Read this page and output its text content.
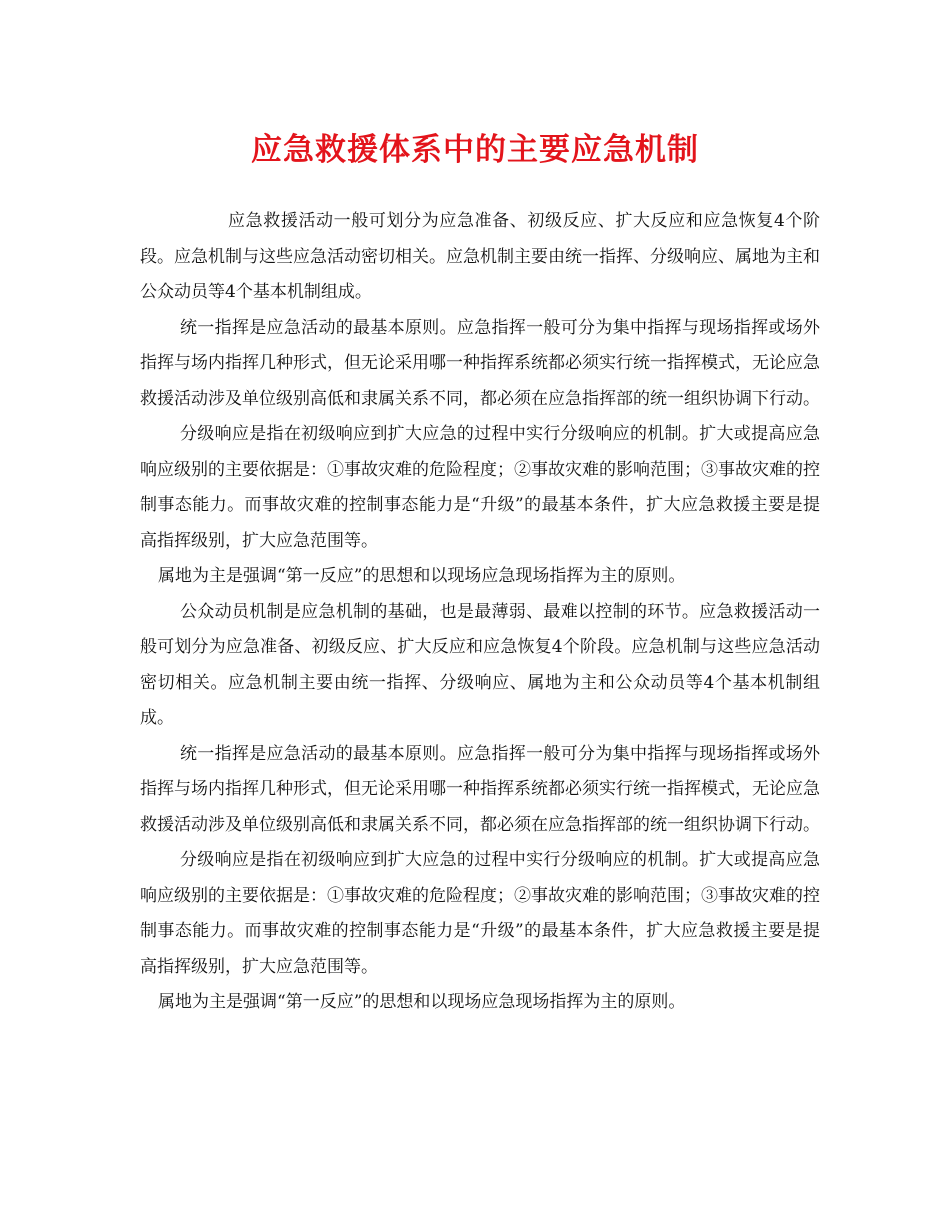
应急救援体系中的主要应急机制

应急救援活动一般可划分为应急准备、初级反应、扩大反应和应急恢复4个阶段。应急机制与这些应急活动密切相关。应急机制主要由统一指挥、分级响应、属地为主和公众动员等4个基本机制组成。

统一指挥是应急活动的最基本原则。应急指挥一般可分为集中指挥与现场指挥或场外指挥与场内指挥几种形式，但无论采用哪一种指挥系统都必须实行统一指挥模式，无论应急救援活动涉及单位级别高低和隶属关系不同，都必须在应急指挥部的统一组织协调下行动。

分级响应是指在初级响应到扩大应急的过程中实行分级响应的机制。扩大或提高应急响应级别的主要依据是：①事故灾难的危险程度；②事故灾难的影响范围；③事故灾难的控制事态能力。而事故灾难的控制事态能力是“升级”的最基本条件，扩大应急救援主要是提高指挥级别，扩大应急范围等。

属地为主是强调“第一反应”的思想和以现场应急现场指挥为主的原则。

公众动员机制是应急机制的基础，也是最薄弱、最难以控制的环节。应急救援活动一般可划分为应急准备、初级反应、扩大反应和应急恢复4个阶段。应急机制与这些应急活动密切相关。应急机制主要由统一指挥、分级响应、属地为主和公众动员等4个基本机制组成。

统一指挥是应急活动的最基本原则。应急指挥一般可分为集中指挥与现场指挥或场外指挥与场内指挥几种形式，但无论采用哪一种指挥系统都必须实行统一指挥模式，无论应急救援活动涉及单位级别高低和隶属关系不同，都必须在应急指挥部的统一组织协调下行动。

分级响应是指在初级响应到扩大应急的过程中实行分级响应的机制。扩大或提高应急响应级别的主要依据是：①事故灾难的危险程度；②事故灾难的影响范围；③事故灾难的控制事态能力。而事故灾难的控制事态能力是“升级”的最基本条件，扩大应急救援主要是提高指挥级别，扩大应急范围等。

属地为主是强调“第一反应”的思想和以现场应急现场指挥为主的原则。
